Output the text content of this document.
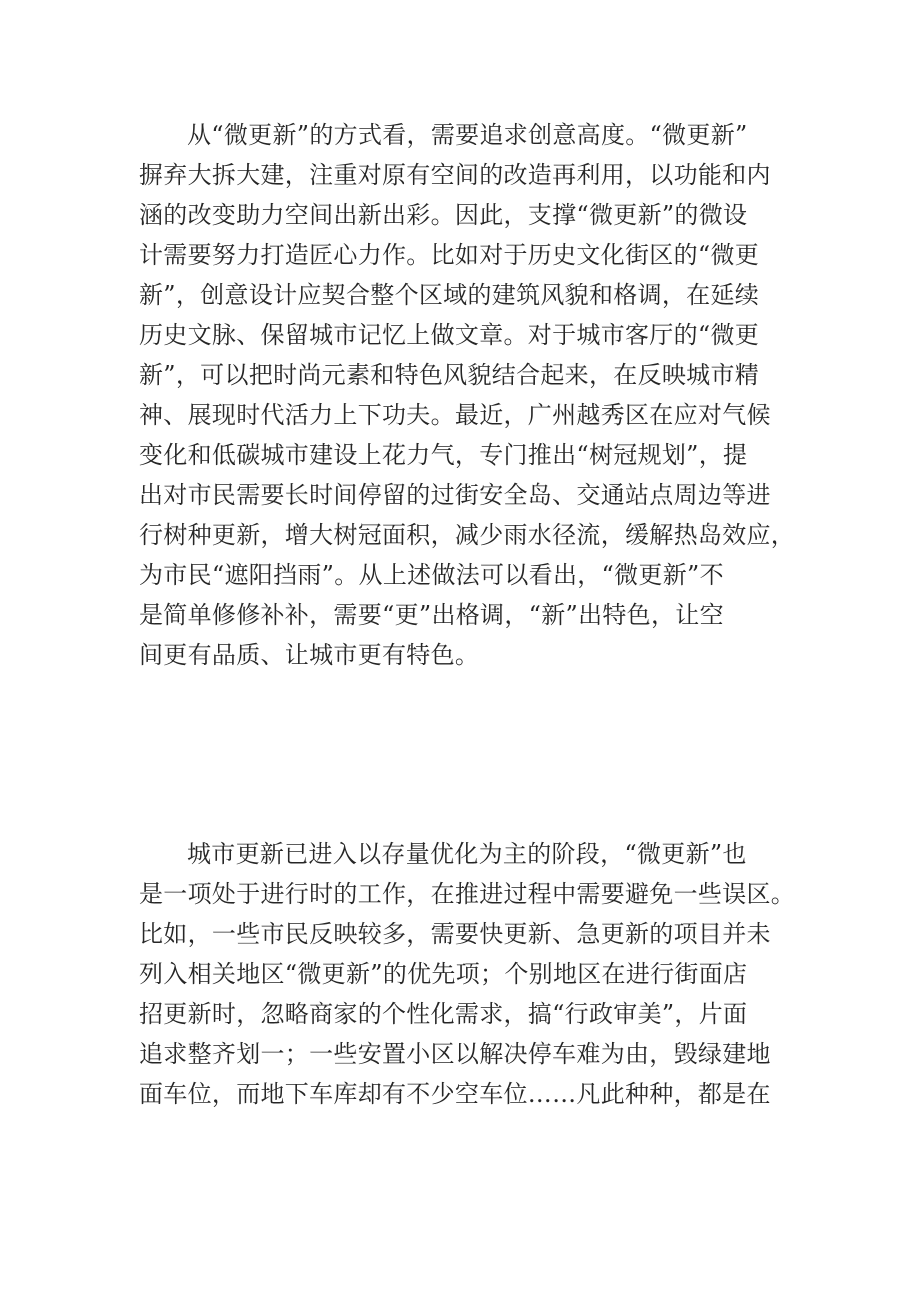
从“微更新”的方式看，需要追求创意高度。“微更新”
摒弃大拆大建，注重对原有空间的改造再利用，以功能和内
涵的改变助力空间出新出彩。因此，支撑“微更新”的微设
计需要努力打造匠心力作。比如对于历史文化街区的“微更
新”，创意设计应契合整个区域的建筑风貌和格调，在延续
历史文脉、保留城市记忆上做文章。对于城市客厅的“微更
新”，可以把时尚元素和特色风貌结合起来，在反映城市精
神、展现时代活力上下功夫。最近，广州越秀区在应对气候
变化和低碳城市建设上花力气，专门推出“树冠规划”，提
出对市民需要长时间停留的过街安全岛、交通站点周边等进
行树种更新，增大树冠面积，减少雨水径流，缓解热岛效应，
为市民“遮阳挡雨”。从上述做法可以看出，“微更新”不
是简单修修补补，需要“更”出格调，“新”出特色，让空
间更有品质、让城市更有特色。
城市更新已进入以存量优化为主的阶段，“微更新”也
是一项处于进行时的工作，在推进过程中需要避免一些误区。
比如，一些市民反映较多，需要快更新、急更新的项目并未
列入相关地区“微更新”的优先项；个别地区在进行街面店
招更新时，忽略商家的个性化需求，搞“行政审美”，片面
追求整齐划一；一些安置小区以解决停车难为由，毁绿建地
面车位，而地下车库却有不少空车位……凡此种种，都是在
